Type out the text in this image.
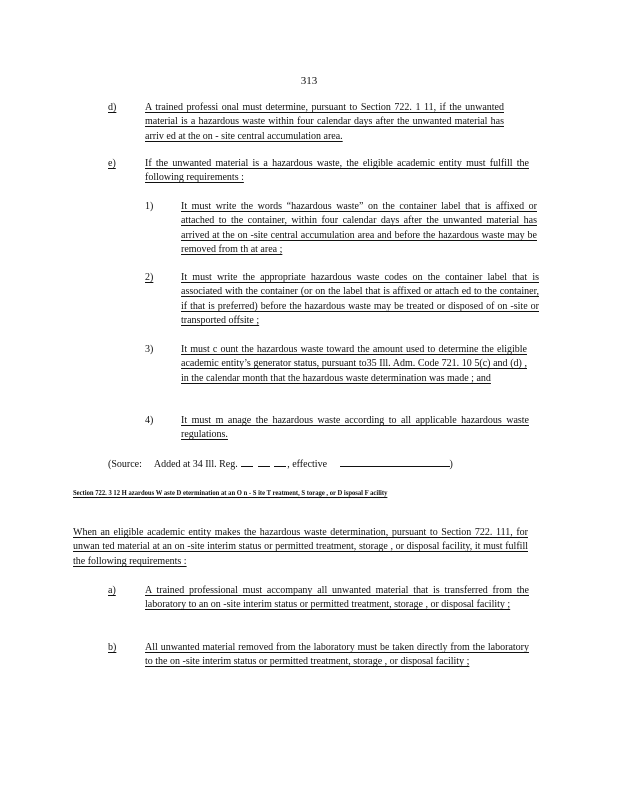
313
d)	A trained professi onal must determine, pursuant to Section 722. 1 11, if the unwanted material is a hazardous waste within four calendar days after the unwanted material has arriv ed at the on - site central accumulation area.
e)	If the unwanted material is a hazardous waste, the eligible academic entity must fulfill the following requirements :
1)	It must write the words “hazardous waste” on the container label that is affixed or attached to the container, within four calendar days after the unwanted material has arrived at the on -site central accumulation area and before the hazardous waste may be removed from th at area ;
2)	It must write the appropriate hazardous waste codes on the container label that is associated with the container (or on the label that is affixed or attach ed to the container, if that is preferred) before the hazardous waste may be treated or disposed of on -site or transported offsite ;
3)	It must c ount the hazardous waste toward the amount used to determine the eligible academic entity’s generator status, pursuant to35 Ill. Adm. Code 721. 10 5(c) and (d) , in the calendar month that the hazardous waste determination was made ; and
4)	It must m anage the hazardous waste according to all applicable hazardous waste regulations.
(Source: Added at 34 Ill. Reg.	, effective	)
Section 722. 3 12 H azardous W aste D etermination at an O n - S ite T reatment, S torage , or D isposal F acility
When an eligible academic entity makes the hazardous waste determination, pursuant to Section 722. 111, for unwan ted material at an on -site interim status or permitted treatment, storage , or disposal facility, it must fulfill the following requirements :
a)	A trained professional must accompany all unwanted material that is transferred from the laboratory to an on -site interim status or permitted treatment, storage , or disposal facility ;
b)	All unwanted material removed from the laboratory must be taken directly from the laboratory to the on -site interim status or permitted treatment, storage , or disposal facility ;
